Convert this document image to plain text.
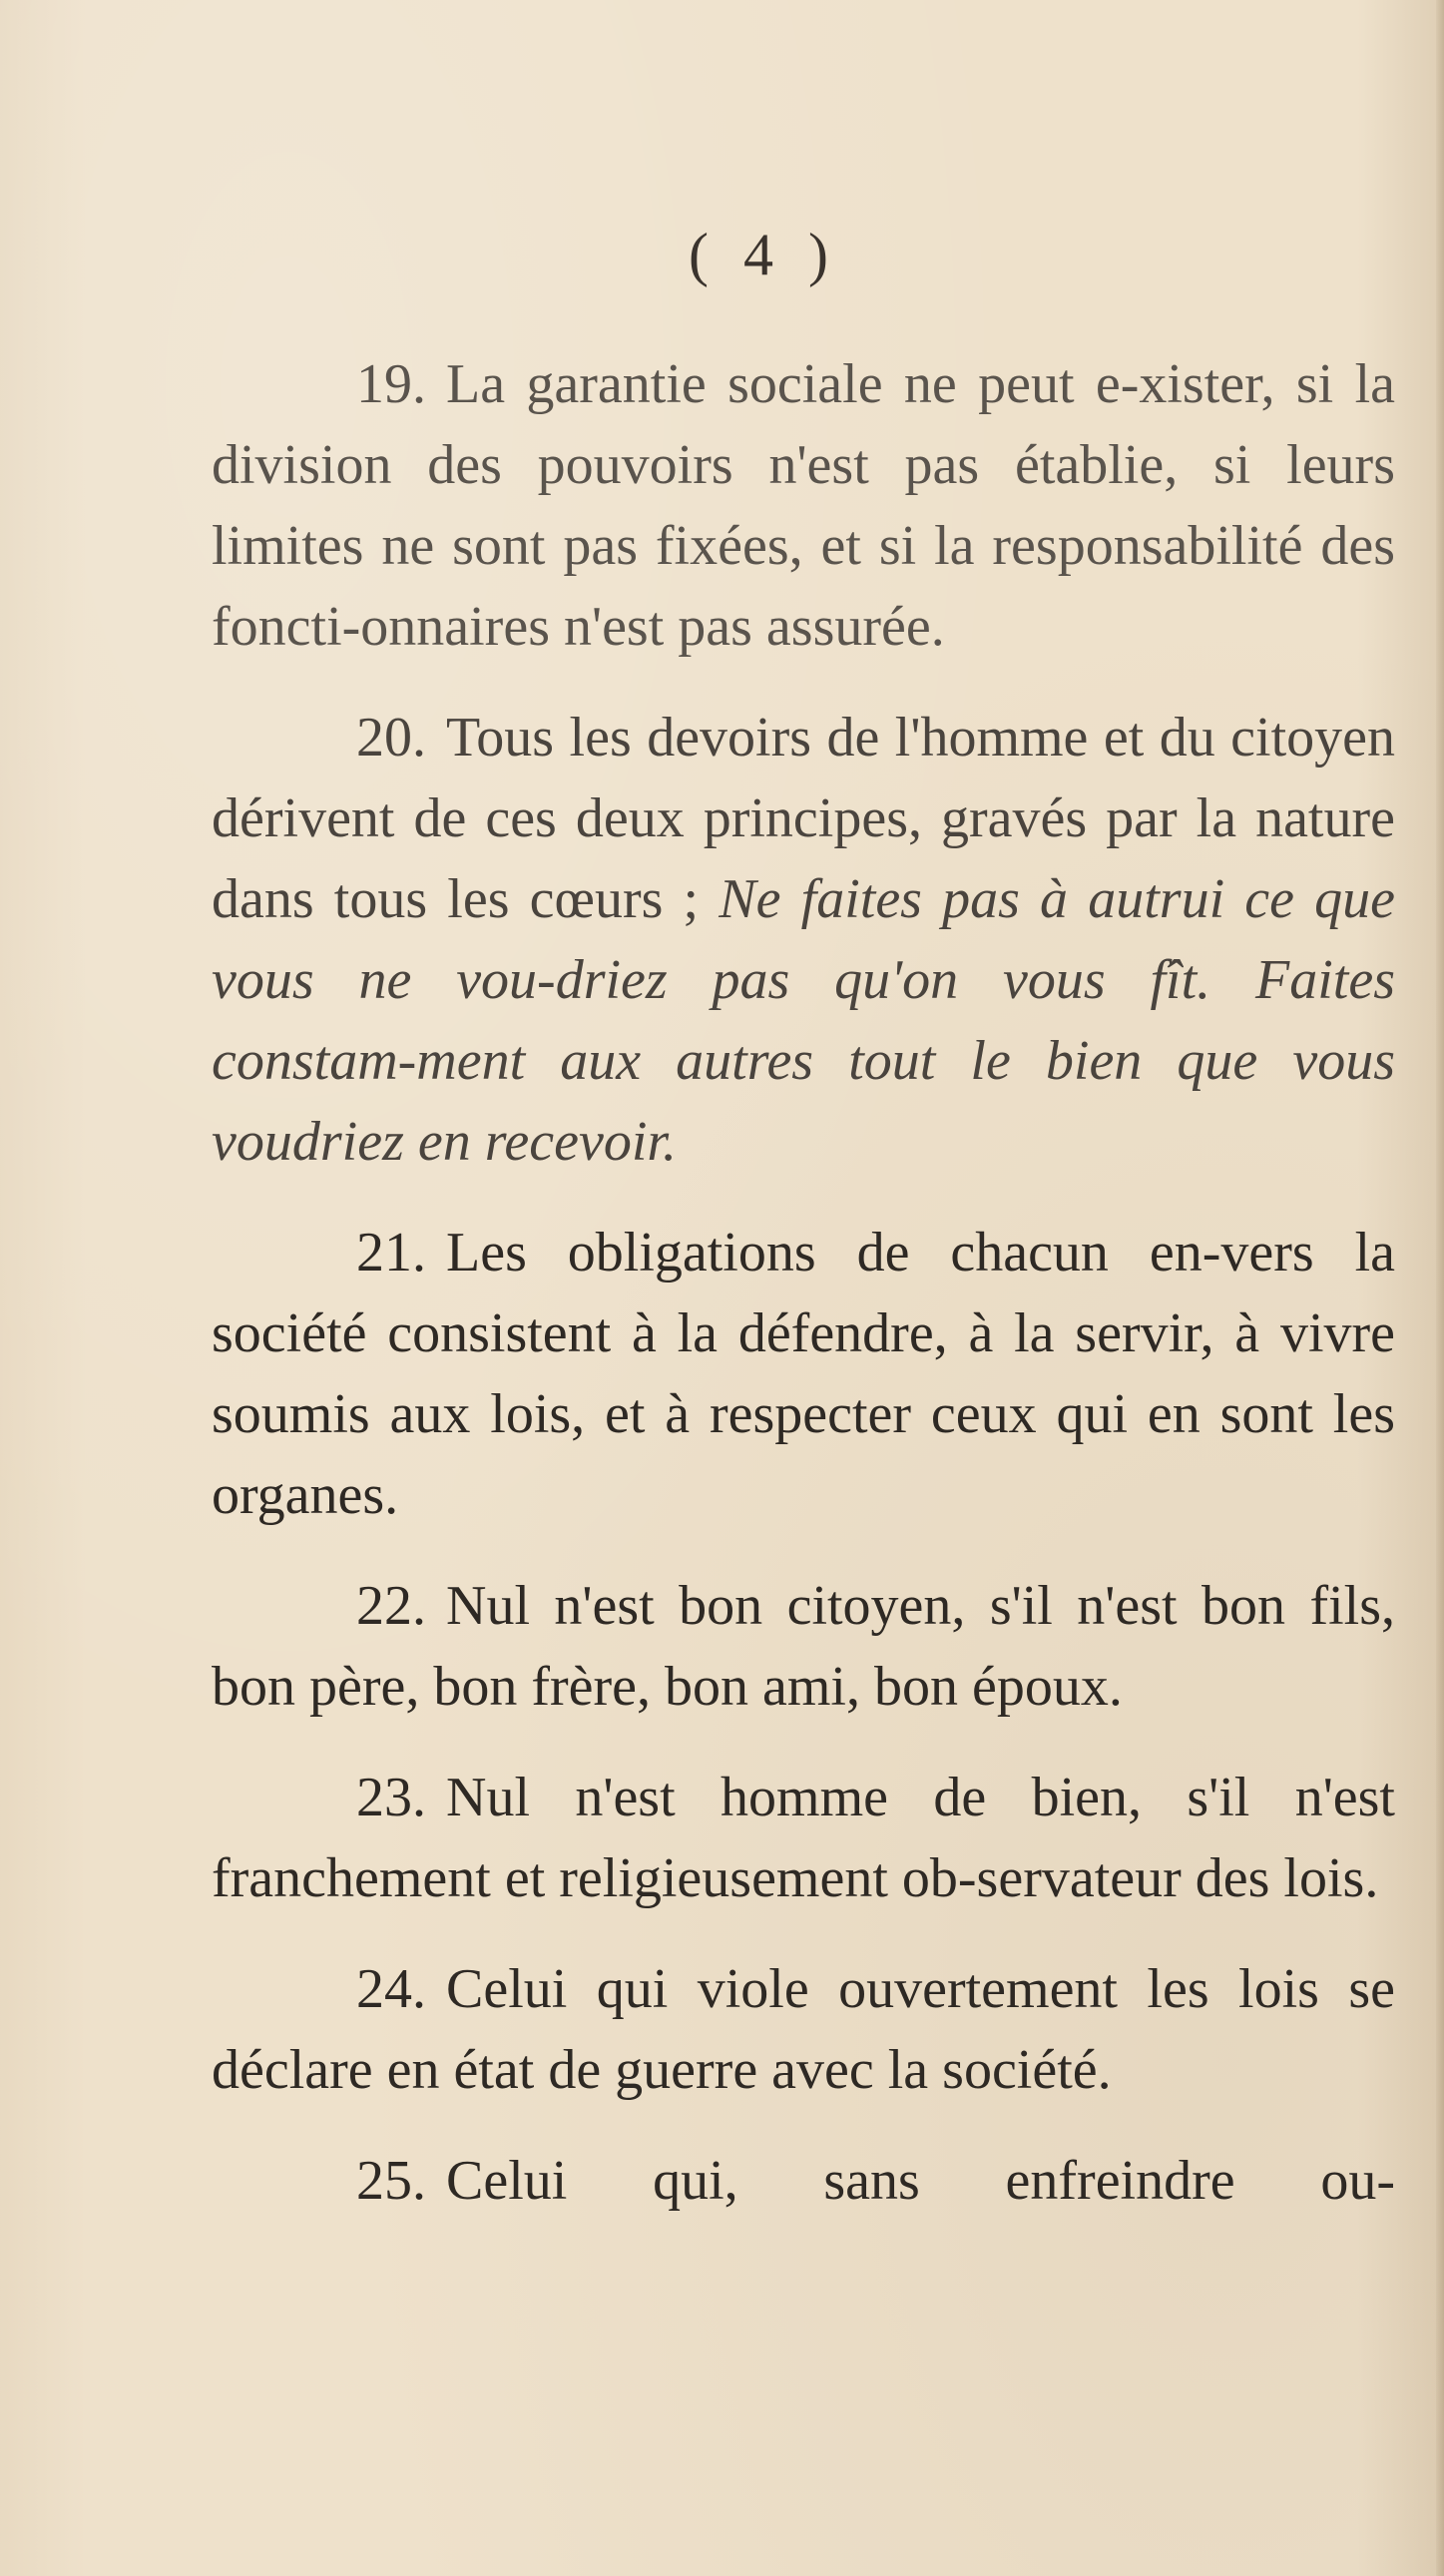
( 4 )

19. La garantie sociale ne peut e-xister, si la division des pouvoirs n'est pas établie, si leurs limites ne sont pas fixées, et si la responsabilité des foncti-onnaires n'est pas assurée.

20. Tous les devoirs de l'homme et du citoyen dérivent de ces deux principes, gravés par la nature dans tous les cœurs ; Ne faites pas à autrui ce que vous ne vou-driez pas qu'on vous fît. Faites constam-ment aux autres tout le bien que vous voudriez en recevoir.

21. Les obligations de chacun en-vers la société consistent à la défendre, à la servir, à vivre soumis aux lois, et à respecter ceux qui en sont les organes.

22. Nul n'est bon citoyen, s'il n'est bon fils, bon père, bon frère, bon ami, bon époux.

23. Nul n'est homme de bien, s'il n'est franchement et religieusement ob-servateur des lois.

24. Celui qui viole ouvertement les lois se déclare en état de guerre avec la société.

25. Celui qui, sans enfreindre ou-
